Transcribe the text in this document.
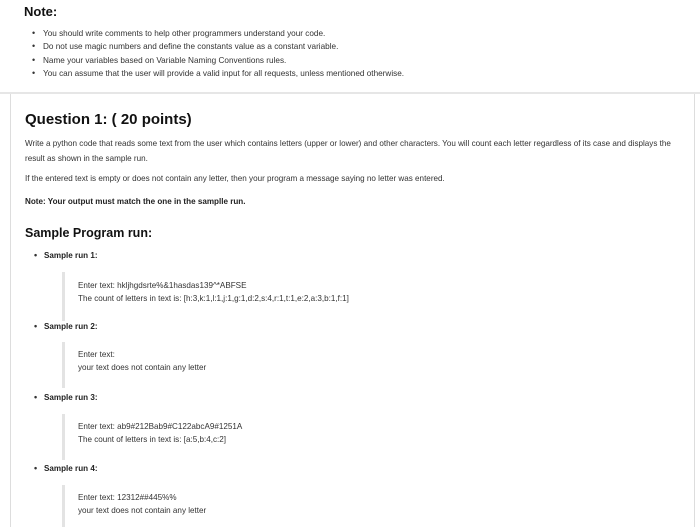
Note:
• You should write comments to help other programmers understand your code.
• Do not use magic numbers and define the constants value as a constant variable.
• Name your variables based on Variable Naming Conventions rules.
• You can assume that the user will provide a valid input for all requests, unless mentioned otherwise.
Question 1: ( 20 points)

Write a python code that reads some text from the user which contains letters (upper or lower) and other characters. You will count each letter regardless of its case and displays the result as shown in the sample run.

If the entered text is empty or does not contain any letter, then your program a message saying no letter was entered.

Note: Your output must match the one in the samplle run.

Sample Program run:
• Sample run 1:
Enter text: hkljhgdsrte%&1hasdas139^*ABFSE
The count of letters in text is: [h:3,k:1,l:1,j:1,g:1,d:2,s:4,r:1,t:1,e:2,a:3,b:1,f:1]
• Sample run 2:
Enter text:
your text does not contain any letter
• Sample run 3:
Enter text: ab9#212Bab9#C122abcA9#1251A
The count of letters in text is: [a:5,b:4,c:2]
• Sample run 4:
Enter text: 12312##445%%
your text does not contain any letter
